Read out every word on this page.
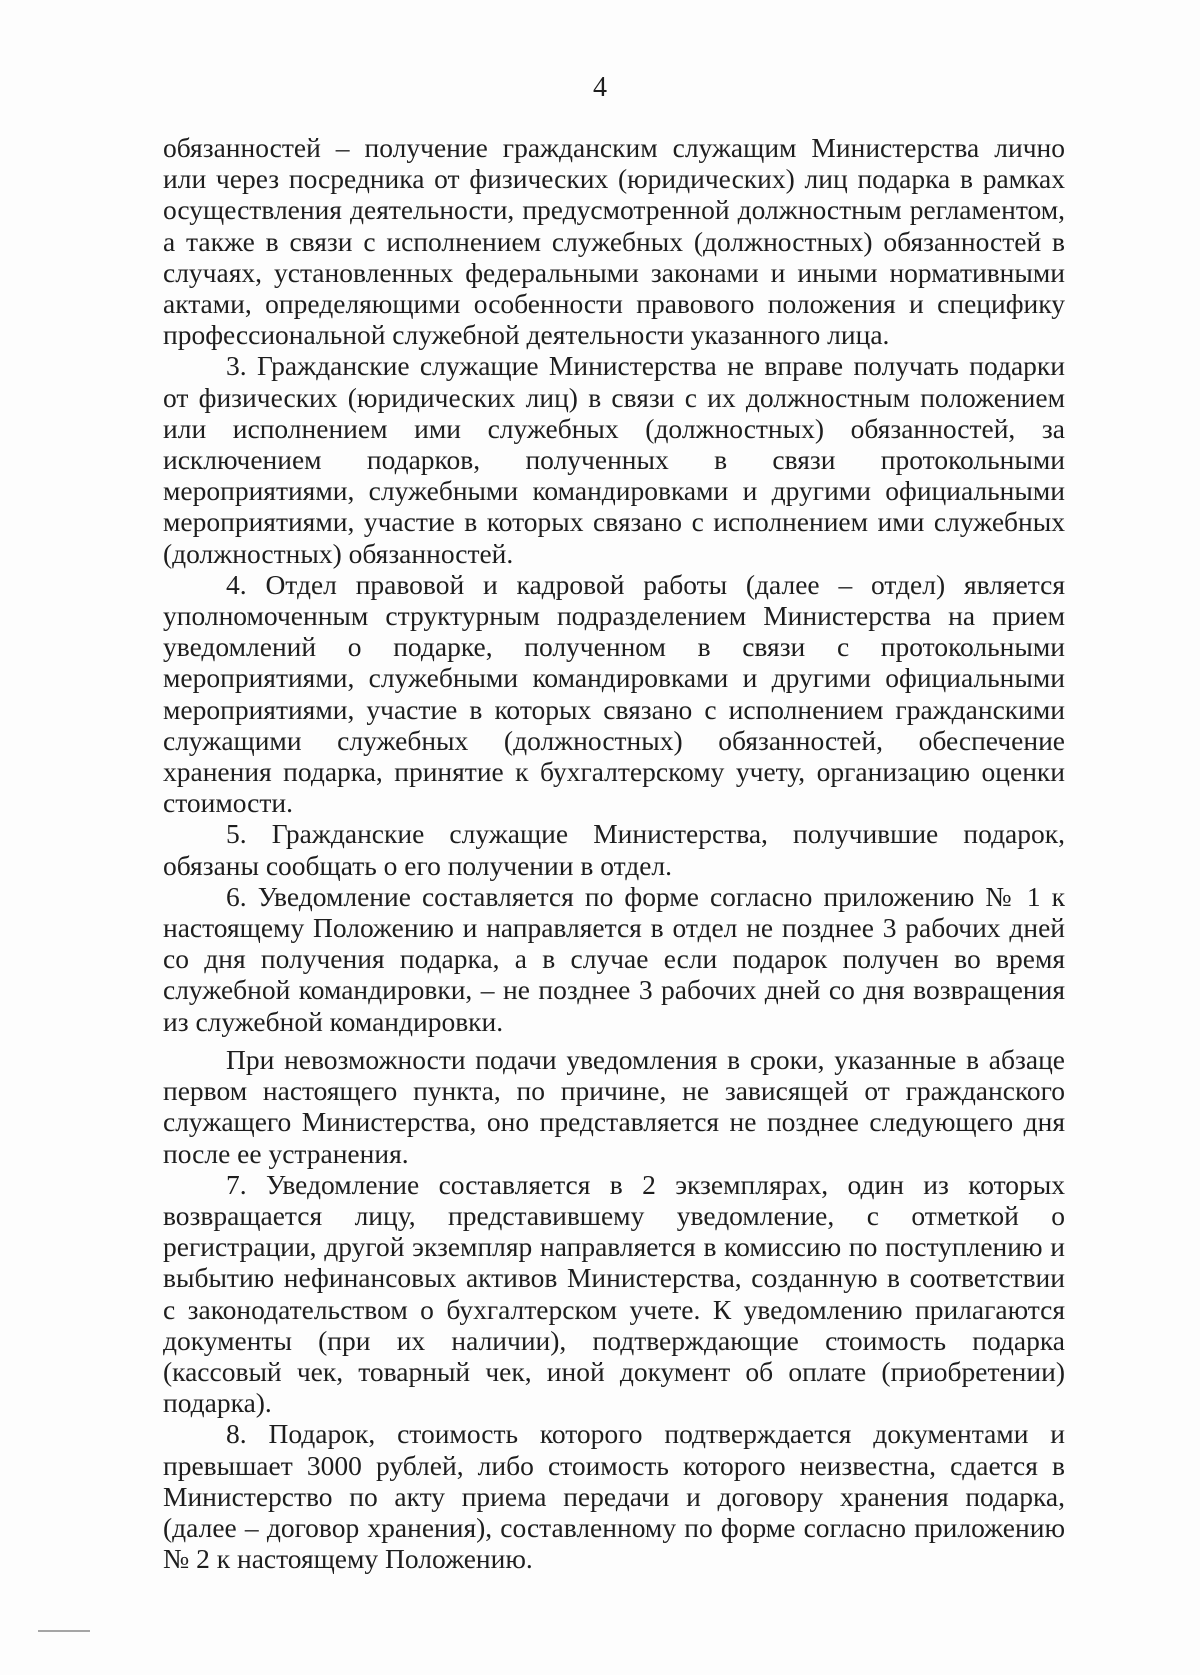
4

обязанностей – получение гражданским служащим Министерства лично или через посредника от физических (юридических) лиц подарка в рамках осуществления деятельности, предусмотренной должностным регламентом, а также в связи с исполнением служебных (должностных) обязанностей в случаях, установленных федеральными законами и иными нормативными актами, определяющими особенности правового положения и специфику профессиональной служебной деятельности указанного лица.

3. Гражданские служащие Министерства не вправе получать подарки от физических (юридических лиц) в связи с их должностным положением или исполнением ими служебных (должностных) обязанностей, за исключением подарков, полученных в связи протокольными мероприятиями, служебными командировками и другими официальными мероприятиями, участие в которых связано с исполнением ими служебных (должностных) обязанностей.

4. Отдел правовой и кадровой работы (далее – отдел) является уполномоченным структурным подразделением Министерства на прием уведомлений о подарке, полученном в связи с протокольными мероприятиями, служебными командировками и другими официальными мероприятиями, участие в которых связано с исполнением гражданскими служащими служебных (должностных) обязанностей, обеспечение хранения подарка, принятие к бухгалтерскому учету, организацию оценки стоимости.

5. Гражданские служащие Министерства, получившие подарок, обязаны сообщать о его получении в отдел.

6. Уведомление составляется по форме согласно приложению № 1 к настоящему Положению и направляется в отдел не позднее 3 рабочих дней со дня получения подарка, а в случае если подарок получен во время служебной командировки, – не позднее 3 рабочих дней со дня возвращения из служебной командировки.

При невозможности подачи уведомления в сроки, указанные в абзаце первом настоящего пункта, по причине, не зависящей от гражданского служащего Министерства, оно представляется не позднее следующего дня после ее устранения.

7. Уведомление составляется в 2 экземплярах, один из которых возвращается лицу, представившему уведомление, с отметкой о регистрации, другой экземпляр направляется в комиссию по поступлению и выбытию нефинансовых активов Министерства, созданную в соответствии с законодательством о бухгалтерском учете. К уведомлению прилагаются документы (при их наличии), подтверждающие стоимость подарка (кассовый чек, товарный чек, иной документ об оплате (приобретении) подарка).

8. Подарок, стоимость которого подтверждается документами и превышает 3000 рублей, либо стоимость которого неизвестна, сдается в Министерство по акту приема передачи и договору хранения подарка, (далее – договор хранения), составленному по форме согласно приложению № 2 к настоящему Положению.
